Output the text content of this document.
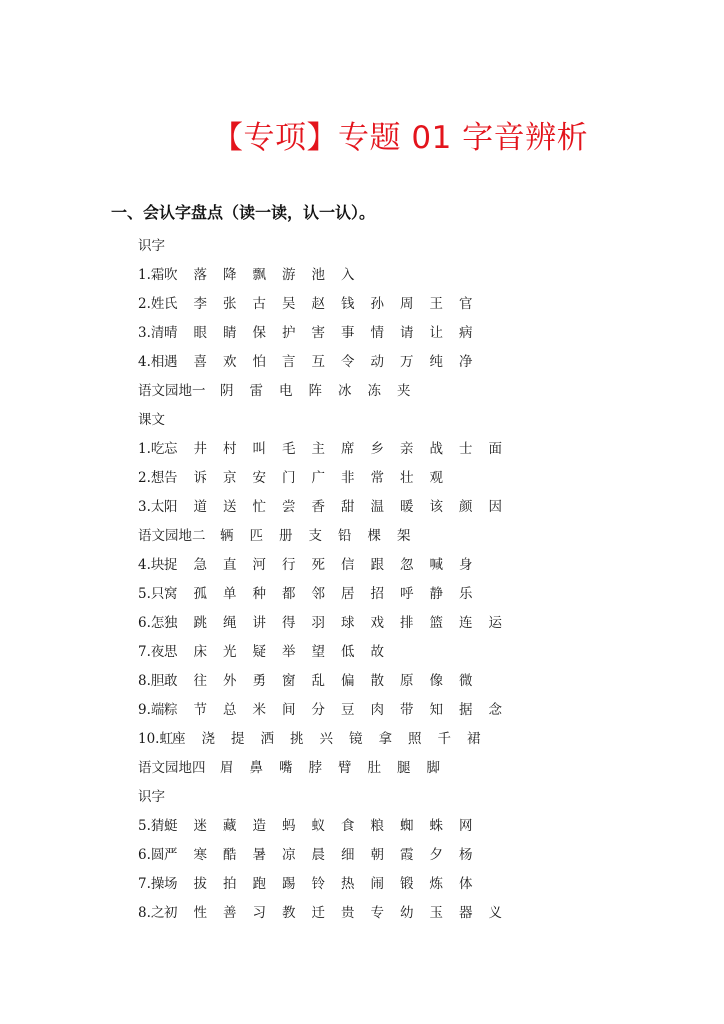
【专项】专题 01 字音辨析
一、会认字盘点（读一读，认一认）。
识字
1.霜 吹	落	降	飘	游	池	入
2.姓 氏	李	张	古	吴	赵	钱	孙	周	王	官
3.清 晴	眼	睛	保	护	害	事	情	请	让	病
4.相 遇	喜	欢	怕	言	互	令	动	万	纯	净
语文园地一	阴	雷	电	阵	冰	冻	夹
课文
1.吃 忘	井	村	叫	毛	主	席	乡	亲	战	士	面
2.想 告	诉	京	安	门	广	非	常	壮	观
3.太 阳	道	送	忙	尝	香	甜	温	暖	该	颜	因
语文园地二	辆	匹	册	支	铅	棵	架
4.块 捉	急	直	河	行	死	信	跟	忽	喊	身
5.只 窝	孤	单	种	都	邻	居	招	呼	静	乐
6.怎 独	跳	绳	讲	得	羽	球	戏	排	篮	连	运
7.夜 思	床	光	疑	举	望	低	故
8.胆 敢	往	外	勇	窗	乱	偏	散	原	像	微
9.端 粽	节	总	米	间	分	豆	肉	带	知	据	念
10.虹 座	浇	提	洒	挑	兴	镜	拿	照	千	裙
语文园地四	眉	鼻	嘴	脖	臂	肚	腿	脚
识字
5.猜 蜓	迷	藏	造	蚂	蚁	食	粮	蜘	蛛	网
6.圆 严	寒	酷	暑	凉	晨	细	朝	霞	夕	杨
7.操 场	拔	拍	跑	踢	铃	热	闹	锻	炼	体
8.之 初	性	善	习	教	迁	贵	专	幼	玉	器	义
